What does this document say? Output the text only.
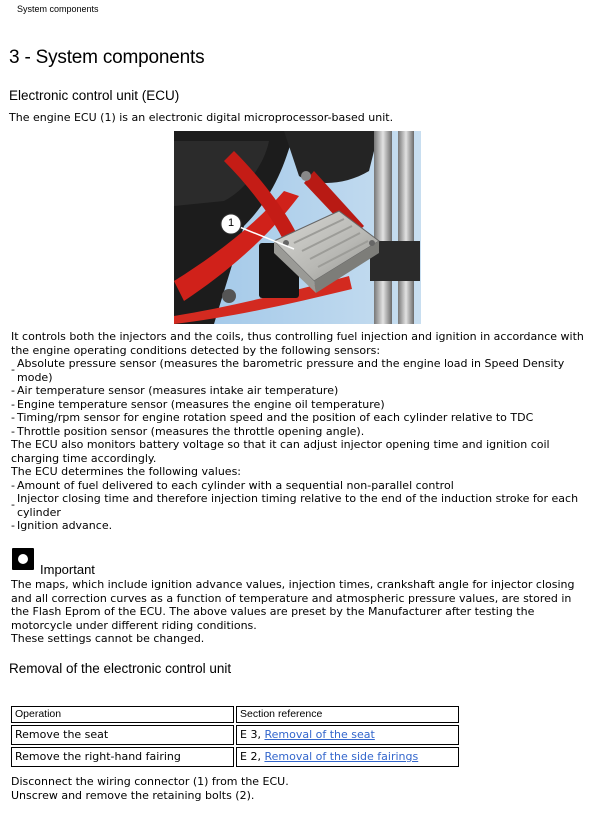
System components
3 - System components
Electronic control unit (ECU)
The engine ECU (1) is an electronic digital microprocessor-based unit.
1

It controls both the injectors and the coils, thus controlling fuel injection and ignition in accordance with the engine operating conditions detected by the following sensors:

- Absolute pressure sensor (measures the barometric pressure and the engine load in Speed Density mode)
- Air temperature sensor (measures intake air temperature)
- Engine temperature sensor (measures the engine oil temperature)
- Timing/rpm sensor for engine rotation speed and the position of each cylinder relative to TDC
- Throttle position sensor (measures the throttle opening angle).

The ECU also monitors battery voltage so that it can adjust injector opening time and ignition coil charging time accordingly.

The ECU determines the following values:

- Amount of fuel delivered to each cylinder with a sequential non-parallel control
- Injector closing time and therefore injection timing relative to the end of the induction stroke for each cylinder
- Ignition advance.
Important

The maps, which include ignition advance values, injection times, crankshaft angle for injector closing and all correction curves as a function of temperature and atmospheric pressure values, are stored in the Flash Eprom of the ECU. The above values are preset by the Manufacturer after testing the motorcycle under different riding conditions.

These settings cannot be changed.

Removal of the electronic control unit
Operation	Section reference
Remove the seat	E 3, Removal of the seat
Remove the right-hand fairing	E 2, Removal of the side fairings
Disconnect the wiring connector (1) from the ECU.
Unscrew and remove the retaining bolts (2).
